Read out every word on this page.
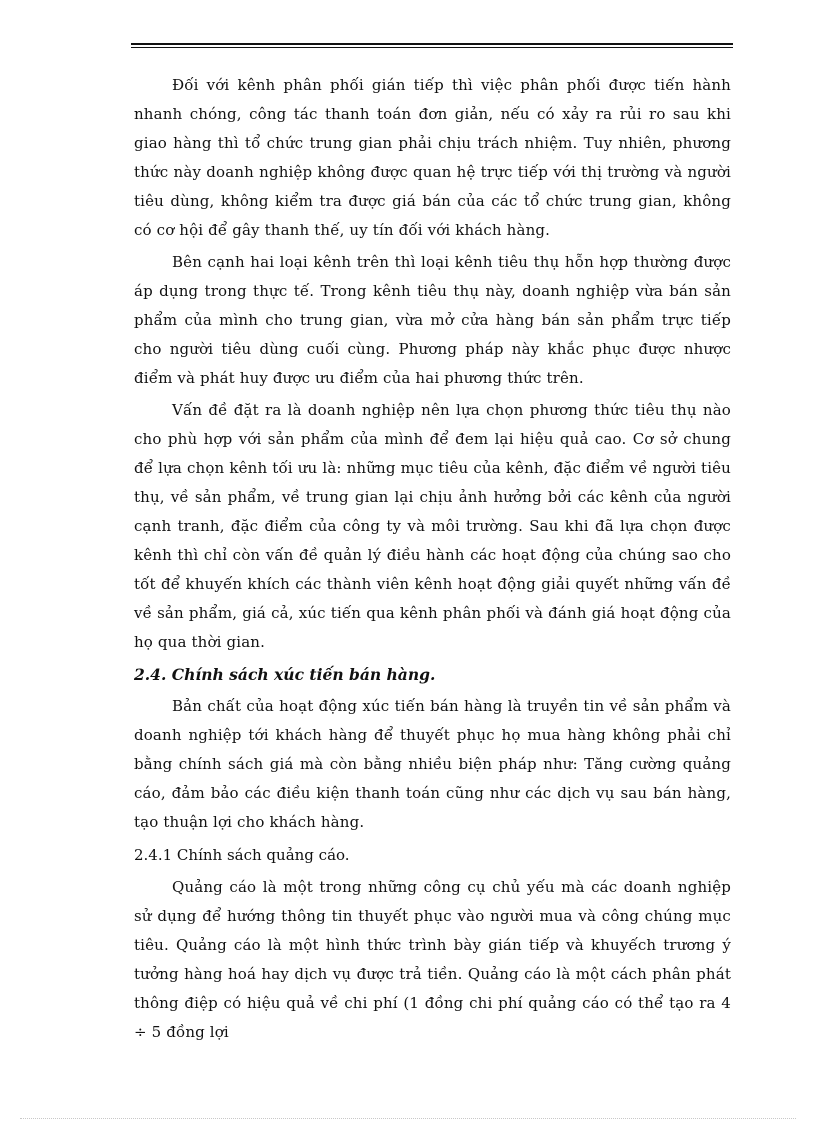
Đối với kênh phân phối gián tiếp thì việc phân phối được tiến hành nhanh chóng, công tác thanh toán đơn giản, nếu có xảy ra rủi ro sau khi giao hàng thì tổ chức trung gian phải chịu trách nhiệm. Tuy nhiên, phương thức này doanh nghiệp không được quan hệ trực tiếp với thị trường và người tiêu dùng, không kiểm tra được giá bán của các tổ chức trung gian, không có cơ hội để gây thanh thế, uy tín đối với khách hàng.

Bên cạnh hai loại kênh trên thì loại kênh tiêu thụ hỗn hợp thường được áp dụng trong thực tế. Trong kênh tiêu thụ này, doanh nghiệp vừa bán sản phẩm của mình cho trung gian, vừa mở cửa hàng bán sản phẩm trực tiếp cho người tiêu dùng cuối cùng. Phương pháp này khắc phục được nhược điểm và phát huy được ưu điểm của hai phương thức trên.

Vấn đề đặt ra là doanh nghiệp nên lựa chọn phương thức tiêu thụ nào cho phù hợp với sản phẩm của mình để đem lại hiệu quả cao. Cơ sở chung để lựa chọn kênh tối ưu là: những mục tiêu của kênh, đặc điểm về người tiêu thụ, về sản phẩm, về trung gian lại chịu ảnh hưởng bởi các kênh của người cạnh tranh, đặc điểm của công ty và môi trường. Sau khi đã lựa chọn được kênh thì chỉ còn vấn đề quản lý điều hành các hoạt động của chúng sao cho tốt để khuyến khích các thành viên kênh hoạt động giải quyết những vấn đề về sản phẩm, giá cả, xúc tiến qua kênh phân phối và đánh giá hoạt động của họ qua thời gian.

2.4. Chính sách xúc tiến bán hàng.

Bản chất của hoạt động xúc tiến bán hàng là truyền tin về sản phẩm và doanh nghiệp tới khách hàng để thuyết phục họ mua hàng không phải chỉ bằng chính sách giá mà còn bằng nhiều biện pháp như: Tăng cường quảng cáo, đảm bảo các điều kiện thanh toán cũng như các dịch vụ sau bán hàng, tạo thuận lợi cho khách hàng.

2.4.1 Chính sách quảng cáo.

Quảng cáo là một trong những công cụ chủ yếu mà các doanh nghiệp sử dụng để hướng thông tin thuyết phục vào người mua và công chúng mục tiêu. Quảng cáo là một hình thức trình bày gián tiếp và khuyếch trương ý tưởng hàng hoá hay dịch vụ được trả tiền. Quảng cáo là một cách phân phát thông điệp có hiệu quả về chi phí (1 đồng chi phí quảng cáo có thể tạo ra 4 ÷ 5 đồng lợi
